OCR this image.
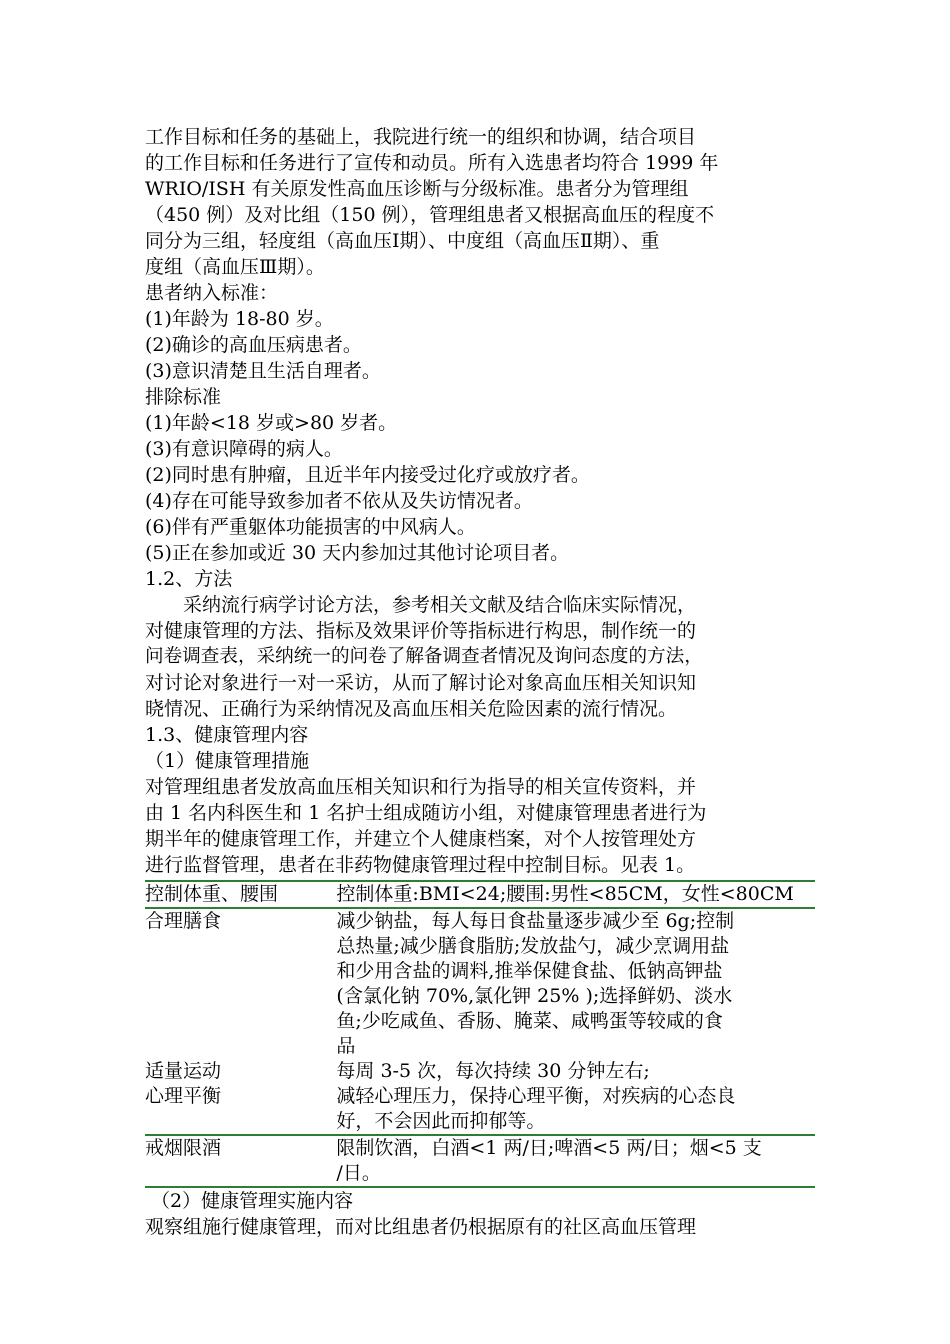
工作目标和任务的基础上，我院进行统一的组织和协调，结合项目
的工作目标和任务进行了宣传和动员。所有入选患者均符合 1999 年
WRIO/ISH 有关原发性高血压诊断与分级标准。患者分为管理组
（450 例）及对比组（150 例），管理组患者又根据高血压的程度不
同分为三组，轻度组（高血压Ⅰ期）、中度组（高血压Ⅱ期）、重
度组（高血压Ⅲ期）。
患者纳入标准：
(1)年龄为 18-80 岁。
(2)确诊的高血压病患者。
(3)意识清楚且生活自理者。
排除标准
(1)年龄<18 岁或>80 岁者。
(3)有意识障碍的病人。
(2)同时患有肿瘤，且近半年内接受过化疗或放疗者。
(4)存在可能导致参加者不依从及失访情况者。
(6)伴有严重躯体功能损害的中风病人。
(5)正在参加或近 30 天内参加过其他讨论项目者。
1.2、方法
采纳流行病学讨论方法，参考相关文献及结合临床实际情况，
对健康管理的方法、指标及效果评价等指标进行构思，制作统一的
问卷调查表，采纳统一的问卷了解备调查者情况及询问态度的方法，
对讨论对象进行一对一采访，从而了解讨论对象高血压相关知识知
晓情况、正确行为采纳情况及高血压相关危险因素的流行情况。
1.3、健康管理内容
（1）健康管理措施
对管理组患者发放高血压相关知识和行为指导的相关宣传资料，并
由 1 名内科医生和 1 名护士组成随访小组，对健康管理患者进行为
期半年的健康管理工作，并建立个人健康档案，对个人按管理处方
进行监督管理，患者在非药物健康管理过程中控制目标。见表 1。
控制体重、腰围	控制体重:BMI<24;腰围:男性<85CM，女性<80CM
合理膳食	减少钠盐，每人每日食盐量逐步减少至 6g;控制
总热量;减少膳食脂肪;发放盐勺，减少烹调用盐
和少用含盐的调料,推举保健食盐、低钠高钾盐
(含氯化钠 70%,氯化钾 25% );选择鲜奶、淡水
鱼;少吃咸鱼、香肠、腌菜、咸鸭蛋等较咸的食
品
适量运动	每周 3-5 次，每次持续 30 分钟左右;
心理平衡	减轻心理压力，保持心理平衡，对疾病的心态良
好，不会因此而抑郁等。
戒烟限酒	限制饮酒，白酒<1 两/日;啤酒<5 两/日；烟<5 支
/日。
（2）健康管理实施内容
观察组施行健康管理，而对比组患者仍根据原有的社区高血压管理
